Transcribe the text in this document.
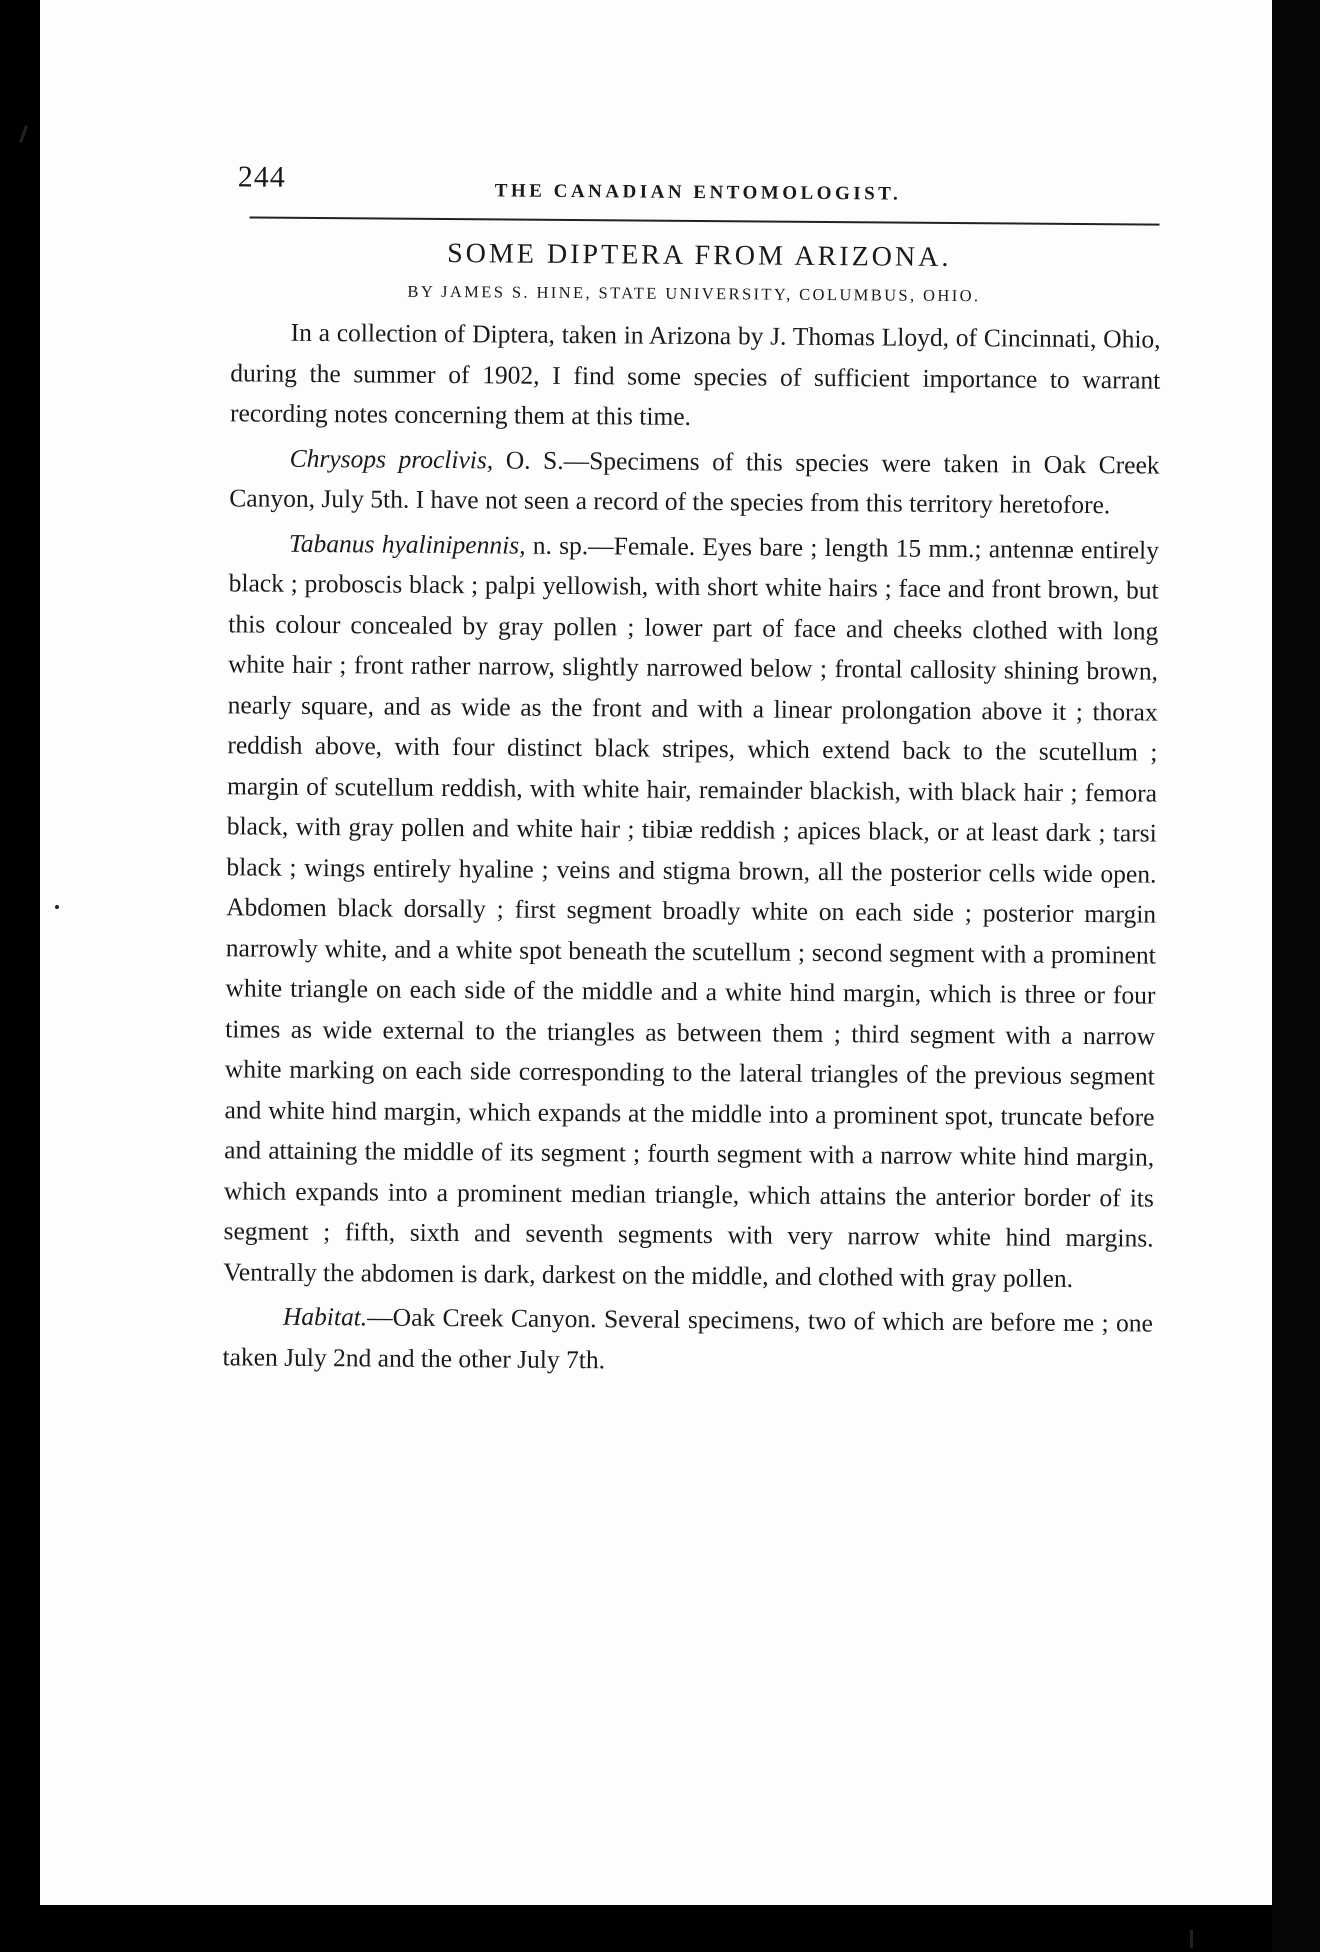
244	THE CANADIAN ENTOMOLOGIST.
SOME DIPTERA FROM ARIZONA.
BY JAMES S. HINE, STATE UNIVERSITY, COLUMBUS, OHIO.

In a collection of Diptera, taken in Arizona by J. Thomas Lloyd, of Cincinnati, Ohio, during the summer of 1902, I find some species of sufficient importance to warrant recording notes concerning them at this time.

Chrysops proclivis, O. S.—Specimens of this species were taken in Oak Creek Canyon, July 5th. I have not seen a record of the species from this territory heretofore.

Tabanus hyalinipennis, n. sp.—Female. Eyes bare ; length 15 mm.; antennæ entirely black ; proboscis black ; palpi yellowish, with short white hairs ; face and front brown, but this colour concealed by gray pollen ; lower part of face and cheeks clothed with long white hair ; front rather narrow, slightly narrowed below ; frontal callosity shining brown, nearly square, and as wide as the front and with a linear prolongation above it ; thorax reddish above, with four distinct black stripes, which extend back to the scutellum ; margin of scutellum reddish, with white hair, remainder blackish, with black hair ; femora black, with gray pollen and white hair ; tibiæ reddish ; apices black, or at least dark ; tarsi black ; wings entirely hyaline ; veins and stigma brown, all the posterior cells wide open. Abdomen black dorsally ; first segment broadly white on each side ; posterior margin narrowly white, and a white spot beneath the scutellum ; second segment with a prominent white triangle on each side of the middle and a white hind margin, which is three or four times as wide external to the triangles as between them ; third segment with a narrow white marking on each side corresponding to the lateral triangles of the previous segment and white hind margin, which expands at the middle into a prominent spot, truncate before and attaining the middle of its segment ; fourth segment with a narrow white hind margin, which expands into a prominent median triangle, which attains the anterior border of its segment ; fifth, sixth and seventh segments with very narrow white hind margins. Ventrally the abdomen is dark, darkest on the middle, and clothed with gray pollen.

Habitat.—Oak Creek Canyon. Several specimens, two of which are before me ; one taken July 2nd and the other July 7th.
